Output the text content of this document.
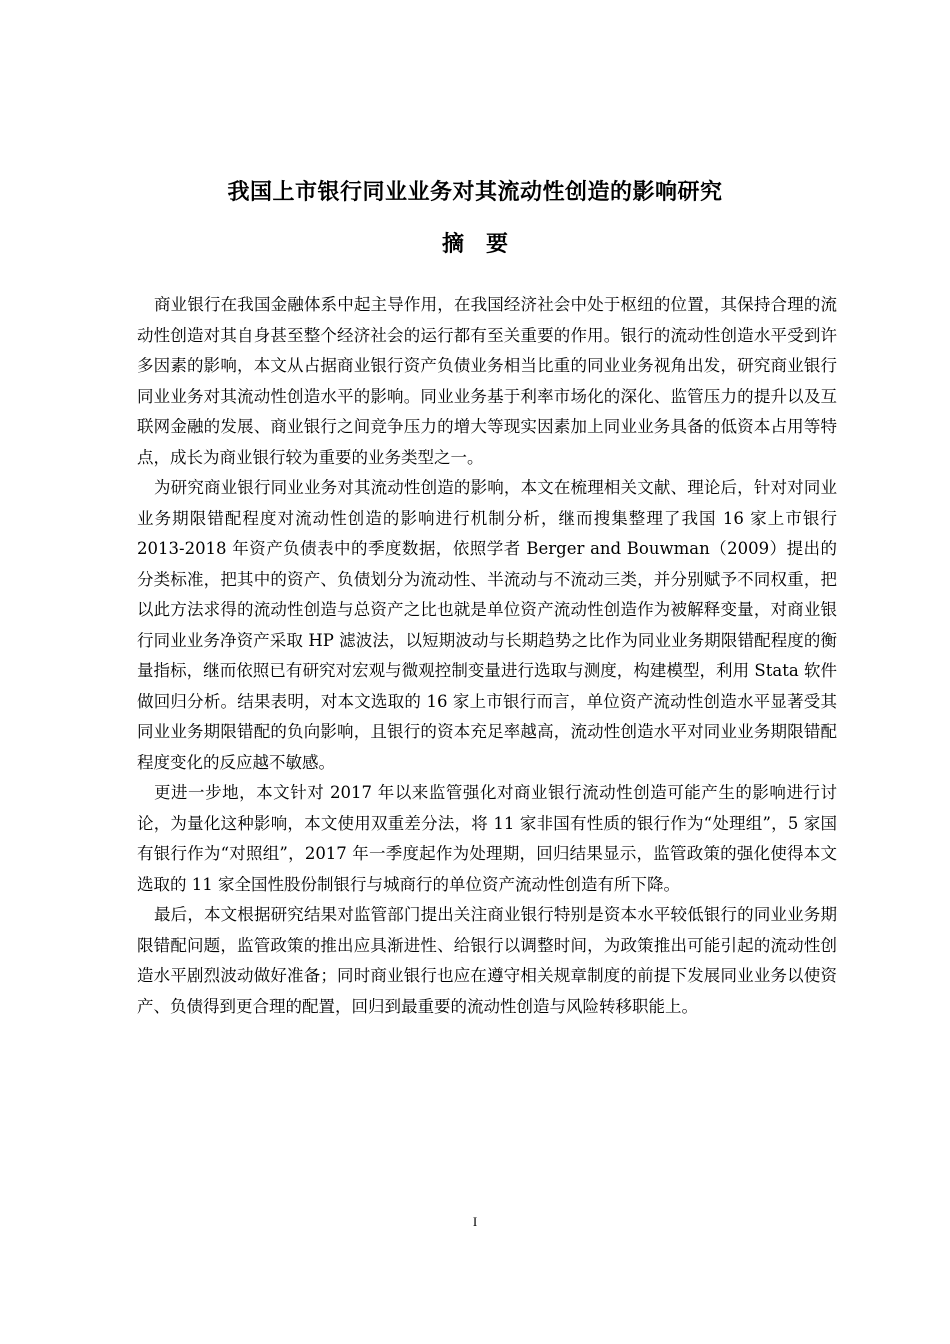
我国上市银行同业业务对其流动性创造的影响研究
摘要

商业银行在我国金融体系中起主导作用，在我国经济社会中处于枢纽的位置，其保持合理的流动性创造对其自身甚至整个经济社会的运行都有至关重要的作用。银行的流动性创造水平受到许多因素的影响，本文从占据商业银行资产负债业务相当比重的同业业务视角出发，研究商业银行同业业务对其流动性创造水平的影响。同业业务基于利率市场化的深化、监管压力的提升以及互联网金融的发展、商业银行之间竞争压力的增大等现实因素加上同业业务具备的低资本占用等特点，成长为商业银行较为重要的业务类型之一。

为研究商业银行同业业务对其流动性创造的影响，本文在梳理相关文献、理论后，针对对同业业务期限错配程度对流动性创造的影响进行机制分析，继而搜集整理了我国 16 家上市银行 2013-2018 年资产负债表中的季度数据，依照学者 Berger and Bouwman（2009）提出的分类标准，把其中的资产、负债划分为流动性、半流动与不流动三类，并分别赋予不同权重，把以此方法求得的流动性创造与总资产之比也就是单位资产流动性创造作为被解释变量，对商业银行同业业务净资产采取 HP 滤波法，以短期波动与长期趋势之比作为同业业务期限错配程度的衡量指标，继而依照已有研究对宏观与微观控制变量进行选取与测度，构建模型，利用 Stata 软件做回归分析。结果表明，对本文选取的 16 家上市银行而言，单位资产流动性创造水平显著受其同业业务期限错配的负向影响，且银行的资本充足率越高，流动性创造水平对同业业务期限错配程度变化的反应越不敏感。

更进一步地，本文针对 2017 年以来监管强化对商业银行流动性创造可能产生的影响进行讨论，为量化这种影响，本文使用双重差分法，将 11 家非国有性质的银行作为“处理组”，5 家国有银行作为“对照组”，2017 年一季度起作为处理期，回归结果显示，监管政策的强化使得本文选取的 11 家全国性股份制银行与城商行的单位资产流动性创造有所下降。

最后，本文根据研究结果对监管部门提出关注商业银行特别是资本水平较低银行的同业业务期限错配问题，监管政策的推出应具渐进性、给银行以调整时间，为政策推出可能引起的流动性创造水平剧烈波动做好准备；同时商业银行也应在遵守相关规章制度的前提下发展同业业务以使资产、负债得到更合理的配置，回归到最重要的流动性创造与风险转移职能上。

I
